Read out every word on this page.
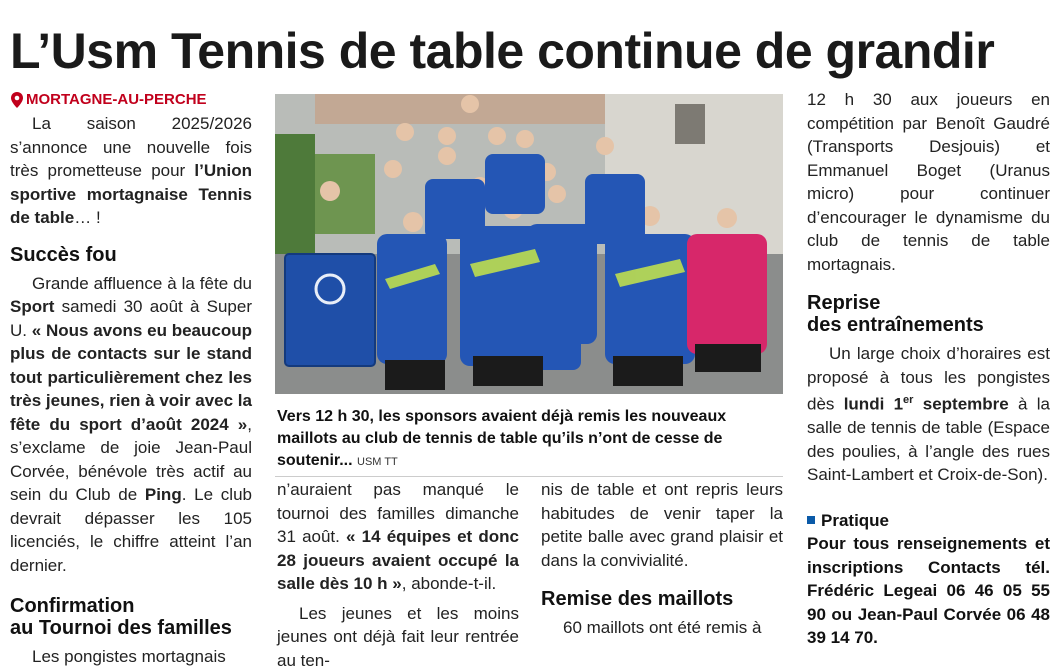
L’Usm Tennis de table continue de grandir
MORTAGNE-AU-PERCHE

La saison 2025/2026 s’annonce une nouvelle fois très prometteuse pour l’Union sportive mortagnaise Tennis de table… !

Succès fou

Grande affluence à la fête du Sport samedi 30 août à Super U. « Nous avons eu beaucoup plus de contacts sur le stand tout particulièrement chez les très jeunes, rien à voir avec la fête du sport d’août 2024 », s’exclame de joie Jean-Paul Corvée, bénévole très actif au sein du Club de Ping. Le club devrait dépasser les 105 licenciés, le chiffre atteint l’an dernier.

Confirmation
au Tournoi des familles

Les pongistes mortagnais

Vers 12 h 30, les sponsors avaient déjà remis les nouveaux maillots au club de tennis de table qu’ils n’ont de cesse de soutenir... USM TT

n’auraient pas manqué le tournoi des familles dimanche 31 août. « 14 équipes et donc 28 joueurs avaient occupé la salle dès 10 h », abonde-t-il.

Les jeunes et les moins jeunes ont déjà fait leur rentrée au ten-

nis de table et ont repris leurs habitudes de venir taper la petite balle avec grand plaisir et dans la convivialité.

Remise des maillots

60 maillots ont été remis à

12 h 30 aux joueurs en compétition par Benoît Gaudré (Transports Desjouis) et Emmanuel Boget (Uranus micro) pour continuer d’encourager le dynamisme du club de tennis de table mortagnais.

Reprise
des entraînements

Un large choix d’horaires est proposé à tous les pongistes dès lundi 1er septembre à la salle de tennis de table (Espace des poulies, à l’angle des rues Saint-Lambert et Croix-de-Son).

Pratique

Pour tous renseignements et inscriptions Contacts tél. Frédéric Legeai 06 46 05 55 90 ou Jean-Paul Corvée 06 48 39 14 70.
